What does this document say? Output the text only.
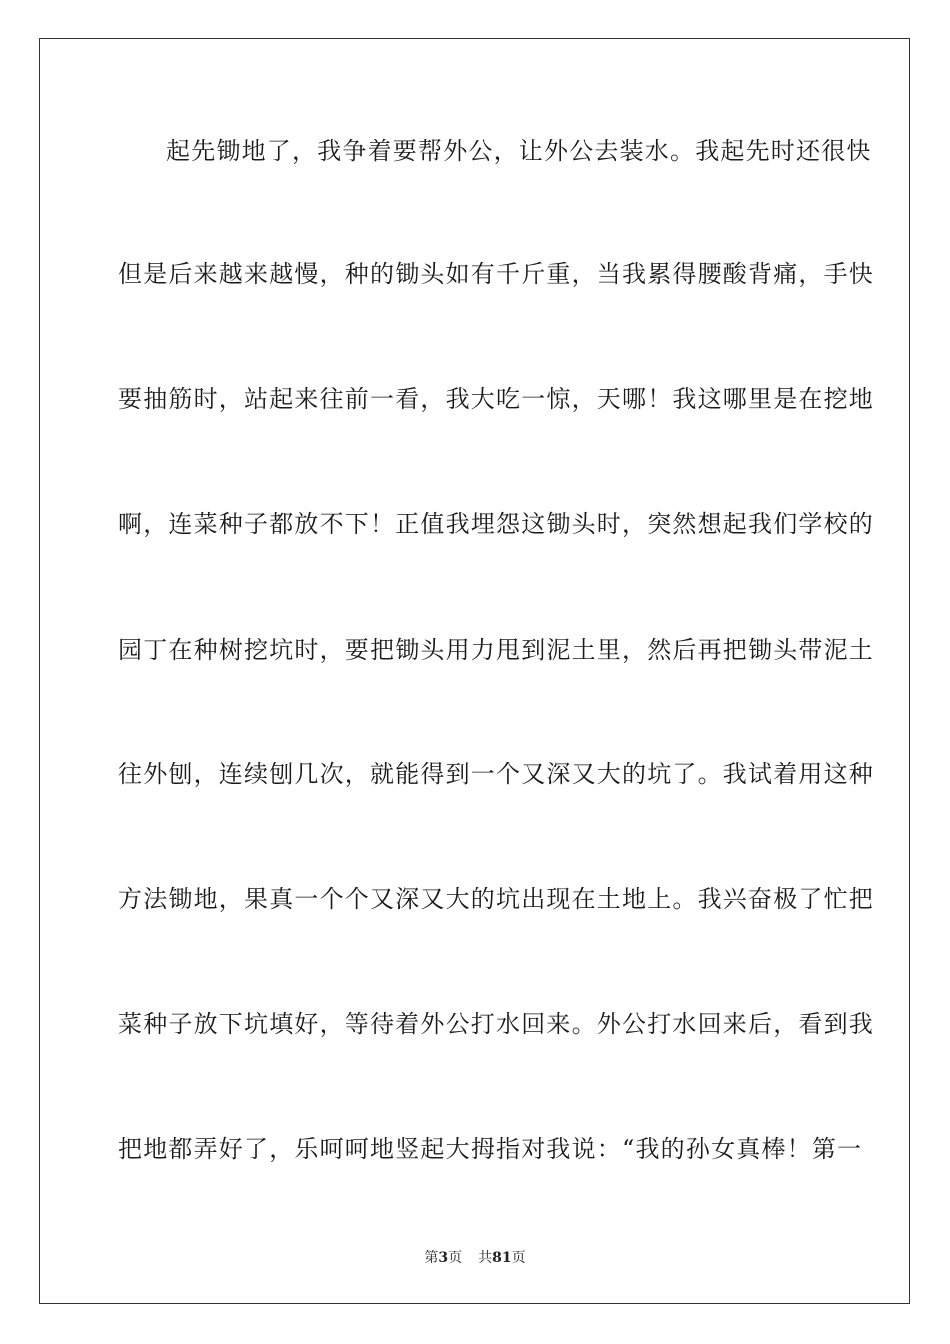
起先锄地了，我争着要帮外公，让外公去装水。我起先时还很快
但是后来越来越慢，种的锄头如有千斤重，当我累得腰酸背痛，手快
要抽筋时，站起来往前一看，我大吃一惊，天哪！我这哪里是在挖地
啊，连菜种子都放不下！正值我埋怨这锄头时，突然想起我们学校的
园丁在种树挖坑时，要把锄头用力甩到泥土里，然后再把锄头带泥土
往外刨，连续刨几次，就能得到一个又深又大的坑了。我试着用这种
方法锄地，果真一个个又深又大的坑出现在土地上。我兴奋极了忙把
菜种子放下坑填好，等待着外公打水回来。外公打水回来后，看到我
把地都弄好了，乐呵呵地竖起大拇指对我说：“我的孙女真棒！第一
第3页 共81页
